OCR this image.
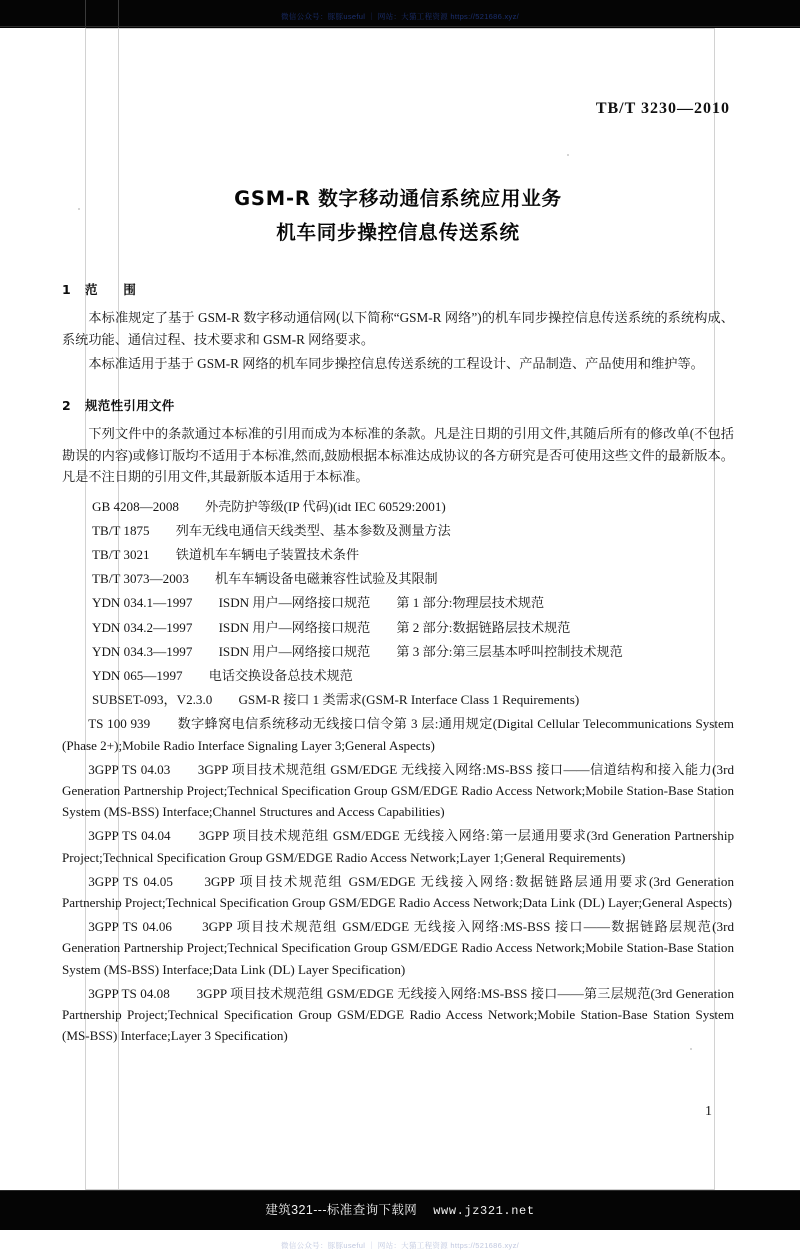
微信公众号：豚豚useful ｜ 网站：大猫工程资源 https://521686.xyz/
TB/T 3230—2010
GSM-R 数字移动通信系统应用业务
机车同步操控信息传送系统
1 范　　围

本标准规定了基于 GSM-R 数字移动通信网(以下简称“GSM-R 网络”)的机车同步操控信息传送系统的系统构成、系统功能、通信过程、技术要求和 GSM-R 网络要求。

本标准适用于基于 GSM-R 网络的机车同步操控信息传送系统的工程设计、产品制造、产品使用和维护等。

2 规范性引用文件

下列文件中的条款通过本标准的引用而成为本标准的条款。凡是注日期的引用文件,其随后所有的修改单(不包括勘误的内容)或修订版均不适用于本标准,然而,鼓励根据本标准达成协议的各方研究是否可使用这些文件的最新版本。凡是不注日期的引用文件,其最新版本适用于本标准。

GB 4208—2008　　外壳防护等级(IP 代码)(idt IEC 60529:2001)
TB/T 1875　　列车无线电通信天线类型、基本参数及测量方法
TB/T 3021　　铁道机车车辆电子装置技术条件
TB/T 3073—2003　　机车车辆设备电磁兼容性试验及其限制
YDN 034.1—1997　　ISDN 用户—网络接口规范　　第 1 部分:物理层技术规范
YDN 034.2—1997　　ISDN 用户—网络接口规范　　第 2 部分:数据链路层技术规范
YDN 034.3—1997　　ISDN 用户—网络接口规范　　第 3 部分:第三层基本呼叫控制技术规范
YDN 065—1997　　电话交换设备总技术规范
SUBSET-093，V2.3.0　　GSM-R 接口 1 类需求(GSM-R Interface Class 1 Requirements)
TS 100 939　　数字蜂窝电信系统移动无线接口信令第 3 层:通用规定(Digital Cellular Telecommunications System (Phase 2+);Mobile Radio Interface Signaling Layer 3;General Aspects)
3GPP TS 04.03　　3GPP 项目技术规范组 GSM/EDGE 无线接入网络:MS-BSS 接口——信道结构和接入能力(3rd Generation Partnership Project;Technical Specification Group GSM/EDGE Radio Access Network;Mobile Station-Base Station System (MS-BSS) Interface;Channel Structures and Access Capabilities)
3GPP TS 04.04　　3GPP 项目技术规范组 GSM/EDGE 无线接入网络:第一层通用要求(3rd Generation Partnership Project;Technical Specification Group GSM/EDGE Radio Access Network;Layer 1;General Requirements)
3GPP TS 04.05　　3GPP 项目技术规范组 GSM/EDGE 无线接入网络:数据链路层通用要求(3rd Generation Partnership Project;Technical Specification Group GSM/EDGE Radio Access Network;Data Link (DL) Layer;General Aspects)
3GPP TS 04.06　　3GPP 项目技术规范组 GSM/EDGE 无线接入网络:MS-BSS 接口——数据链路层规范(3rd Generation Partnership Project;Technical Specification Group GSM/EDGE Radio Access Network;Mobile Station-Base Station System (MS-BSS) Interface;Data Link (DL) Layer Specification)
3GPP TS 04.08　　3GPP 项目技术规范组 GSM/EDGE 无线接入网络:MS-BSS 接口——第三层规范(3rd Generation Partnership Project;Technical Specification Group GSM/EDGE Radio Access Network;Mobile Station-Base Station System (MS-BSS) Interface;Layer 3 Specification)
1
建筑321---标准查询下载网 www.jz321.net
微信公众号：豚豚useful ｜ 网站：大猫工程资源 https://521686.xyz/
